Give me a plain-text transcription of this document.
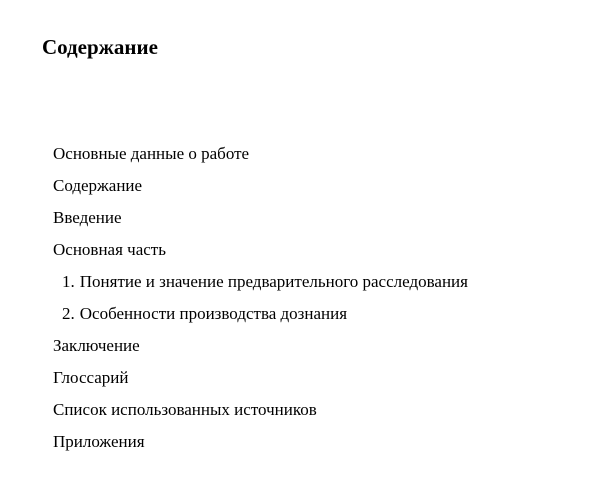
Содержание
Основные данные о работе
Содержание
Введение
Основная часть
1. Понятие и значение предварительного расследования
2. Особенности производства дознания
Заключение
Глоссарий
Список использованных источников
Приложения
